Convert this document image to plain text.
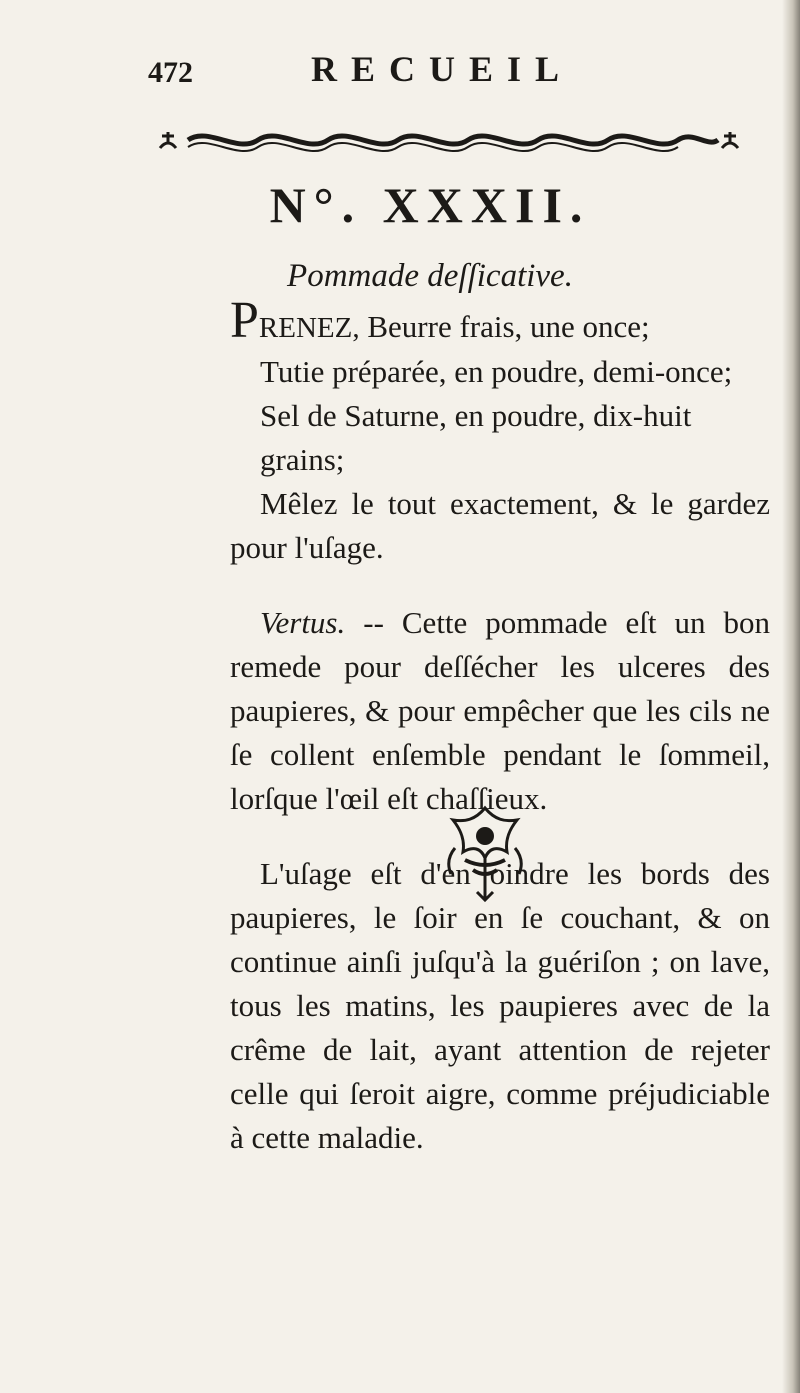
472	RECUEIL
N°. XXXII.
Pommade deſſicative.

PRENEZ, Beurre frais, une once;
Tutie préparée, en poudre, demi-once;
Sel de Saturne, en poudre, dix-huit grains;

Mêlez le tout exactement, & le gardez pour l'uſage.

Vertus. -- Cette pommade eſt un bon remede pour deſſécher les ulceres des paupieres, & pour empêcher que les cils ne ſe collent enſemble pendant le ſommeil, lorſque l'œil eſt chaſſieux.

L'uſage eſt d'en oindre les bords des paupieres, le ſoir en ſe couchant, & on continue ainſi juſqu'à la guériſon ; on lave, tous les matins, les paupieres avec de la crême de lait, ayant attention de rejeter celle qui ſeroit aigre, comme préjudiciable à cette maladie.
